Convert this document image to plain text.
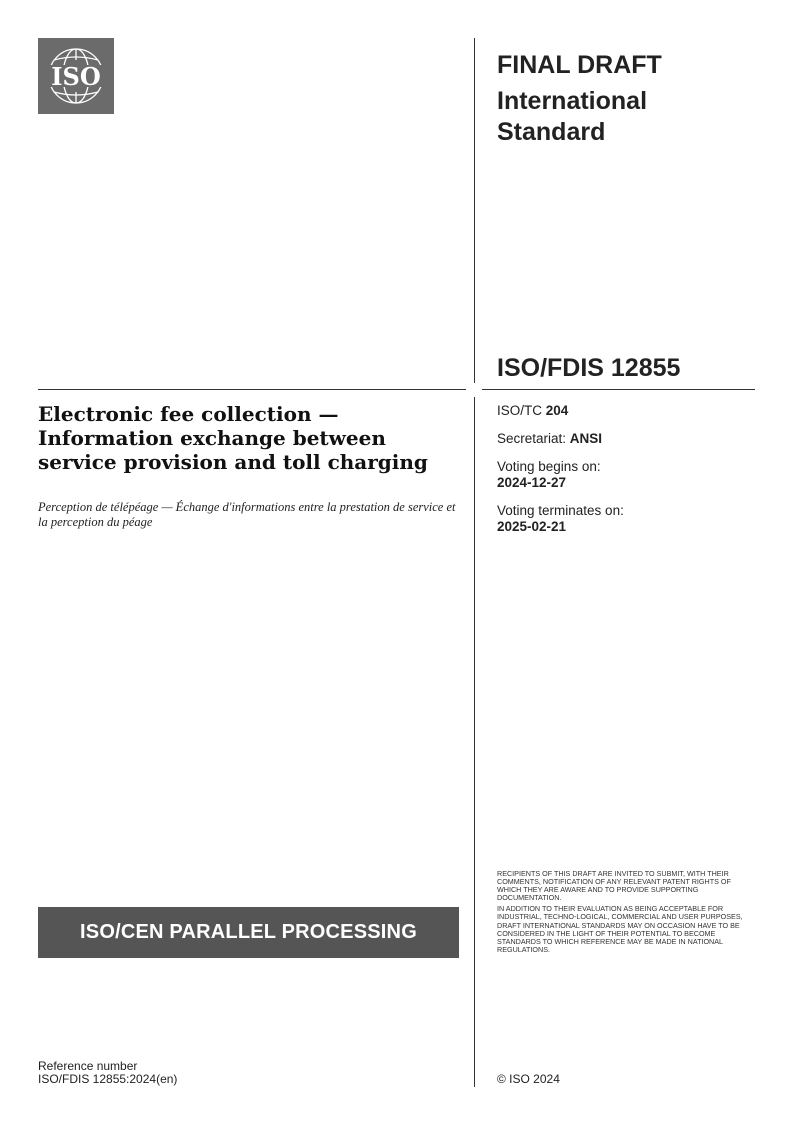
ISO	FINAL DRAFT
International
Standard
ISO/FDIS 12855
ISO/TC 204
Secretariat: ANSI
Voting begins on:
2024-12-27
Voting terminates on:
2025-02-21
Electronic fee collection — Information exchange between service provision and toll charging
Perception de télépéage — Échange d'informations entre la prestation de service et la perception du péage

RECIPIENTS OF THIS DRAFT ARE INVITED TO SUBMIT, WITH THEIR COMMENTS, NOTIFICATION OF ANY RELEVANT PATENT RIGHTS OF WHICH THEY ARE AWARE AND TO PROVIDE SUPPORTING DOCUMENTATION.

IN ADDITION TO THEIR EVALUATION AS BEING ACCEPTABLE FOR INDUSTRIAL, TECHNO-LOGICAL, COMMERCIAL AND USER PURPOSES, DRAFT INTERNATIONAL STANDARDS MAY ON OCCASION HAVE TO BE CONSIDERED IN THE LIGHT OF THEIR POTENTIAL TO BECOME STANDARDS TO WHICH REFERENCE MAY BE MADE IN NATIONAL REGULATIONS.

ISO/CEN PARALLEL PROCESSING
Reference number
ISO/FDIS 12855:2024(en)	© ISO 2024
